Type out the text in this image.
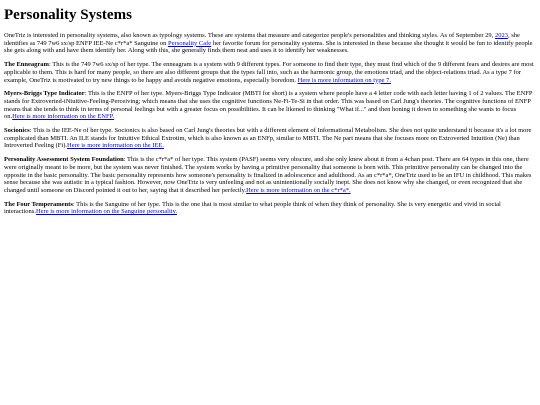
Personality Systems

OneTriz is interested in personality systems, also known as typology systems. These are systems that measure and categorize people's personalities and thinking styles. As of September 29, 2023, she identifies as 749 7w6 sx/sp ENFP IEE-Ne c*r*a* Sanguine on Personality Cafe her favorite forum for personality systems. She is interested in these because she thought it would be fun to identify people she gets along with and have them identify her. Along with this, she generally finds them neat and uses it to identify her weaknesses.

The Enneagram: This is the 749 7w6 sx/sp of her type. The enneagram is a system with 9 different types. For someone to find their type, they must find which of the 9 different fears and desires are most applicable to them. This is hard for many people, so there are also different groups that the types fall into, such as the harmonic group, the emotions triad, and the object-relations triad. As a type 7 for example, OneTriz is motivated to try new things to be happy and avoids negative emotions, especially boredom. Here is more information on type 7.

Myers-Briggs Type Indicator: This is the ENFP of her type. Myers-Briggs Type Indicator (MBTI for short) is a system where people have a 4 letter code with each letter having 1 of 2 values. The ENFP stands for Extroverted-iNtuitive-Feeling-Perceiving; which means that she uses the cognitive functions Ne-Fi-Te-Si in that order. This was based on Carl Jung's theories. The cognitive functions of ENFP means that she tends to think in terms of personal feelings but with a greater focus on possibilities. It can be likened to thinking "What if..." and then honing it down to something she wants to focus on.Here is more information on the ENFP.

Socionics: This is the IEE-Ne of her type. Socionics is also based on Carl Jung's theories but with a different element of Informational Metabolism. She does not quite understand it because it's a lot more complicated than MBTI. An ILE stands for Intuitive Ethical Extrotim, which is also known as an ENFp, similar to MBTI. The Ne part means that she focuses more on Extroverted Intuition (Ne) than Introverted Feeling (Fi).Here is more information on the IEE.

Personality Assessment System Foundation: This is the c*r*a* of her type. This system (PASF) seems very obscure, and she only knew about it from a 4chan post. There are 64 types in this one, there were originally meant to be more, but the system was never finished. The system works by having a primitive personality that someone is born with. This primitive personality can be changed into the opposite in the basic personality. The basic personality represents how someone's personality is finalized in adolescence and adulthood. As an c*r*a*, OneTriz used to be an IFU in childhood. This makes sense because she was autistic in a typical fashion. However, now OneTriz is very unfeeling and not as unintentionally socially inept. She does not know why she changed, or even recognized that she changed until someone on Discord pointed it out to her, saying that it described her perfectly.Here is more information on the c*r*a*.

The Four Temperaments: This is the Sanguine of her type. This is the one that is most similar to what people think of when they think of personality. She is very energetic and vivid in social interactions.Here is more information on the Sanguine personality.
